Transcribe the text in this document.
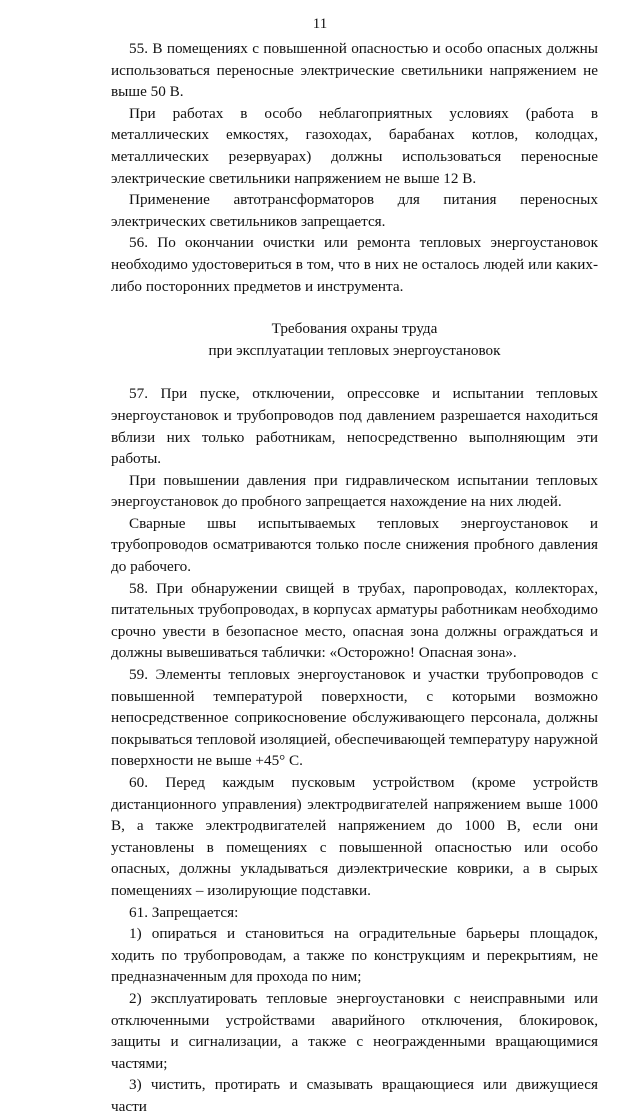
11

55. В помещениях с повышенной опасностью и особо опасных должны использоваться переносные электрические светильники напряжением не выше 50 В.

При работах в особо неблагоприятных условиях (работа в металлических емкостях, газоходах, барабанах котлов, колодцах, металлических резервуарах) должны использоваться переносные электрические светильники напряжением не выше 12 В.

Применение автотрансформаторов для питания переносных электрических светильников запрещается.

56. По окончании очистки или ремонта тепловых энергоустановок необходимо удостовериться в том, что в них не осталось людей или каких-либо посторонних предметов и инструмента.

Требования охраны труда

при эксплуатации тепловых энергоустановок

57. При пуске, отключении, опрессовке и испытании тепловых энергоустановок и трубопроводов под давлением разрешается находиться вблизи них только работникам, непосредственно выполняющим эти работы.

При повышении давления при гидравлическом испытании тепловых энергоустановок до пробного запрещается нахождение на них людей.

Сварные швы испытываемых тепловых энергоустановок и трубопроводов осматриваются только после снижения пробного давления до рабочего.

58. При обнаружении свищей в трубах, паропроводах, коллекторах, питательных трубопроводах, в корпусах арматуры работникам необходимо срочно увести в безопасное место, опасная зона должны ограждаться и должны вывешиваться таблички: «Осторожно! Опасная зона».

59. Элементы тепловых энергоустановок и участки трубопроводов с повышенной температурой поверхности, с которыми возможно непосредственное соприкосновение обслуживающего персонала, должны покрываться тепловой изоляцией, обеспечивающей температуру наружной поверхности не выше +45° С.

60. Перед каждым пусковым устройством (кроме устройств дистанционного управления) электродвигателей напряжением выше 1000 В, а также электродвигателей напряжением до 1000 В, если они установлены в помещениях с повышенной опасностью или особо опасных, должны укладываться диэлектрические коврики, а в сырых помещениях – изолирующие подставки.

61. Запрещается:

1) опираться и становиться на оградительные барьеры площадок, ходить по трубопроводам, а также по конструкциям и перекрытиям, не предназначенным для прохода по ним;

2) эксплуатировать тепловые энергоустановки с неисправными или отключенными устройствами аварийного отключения, блокировок, защиты и сигнализации, а также с неогражденными вращающимися частями;

3) чистить, протирать и смазывать вращающиеся или движущиеся части
